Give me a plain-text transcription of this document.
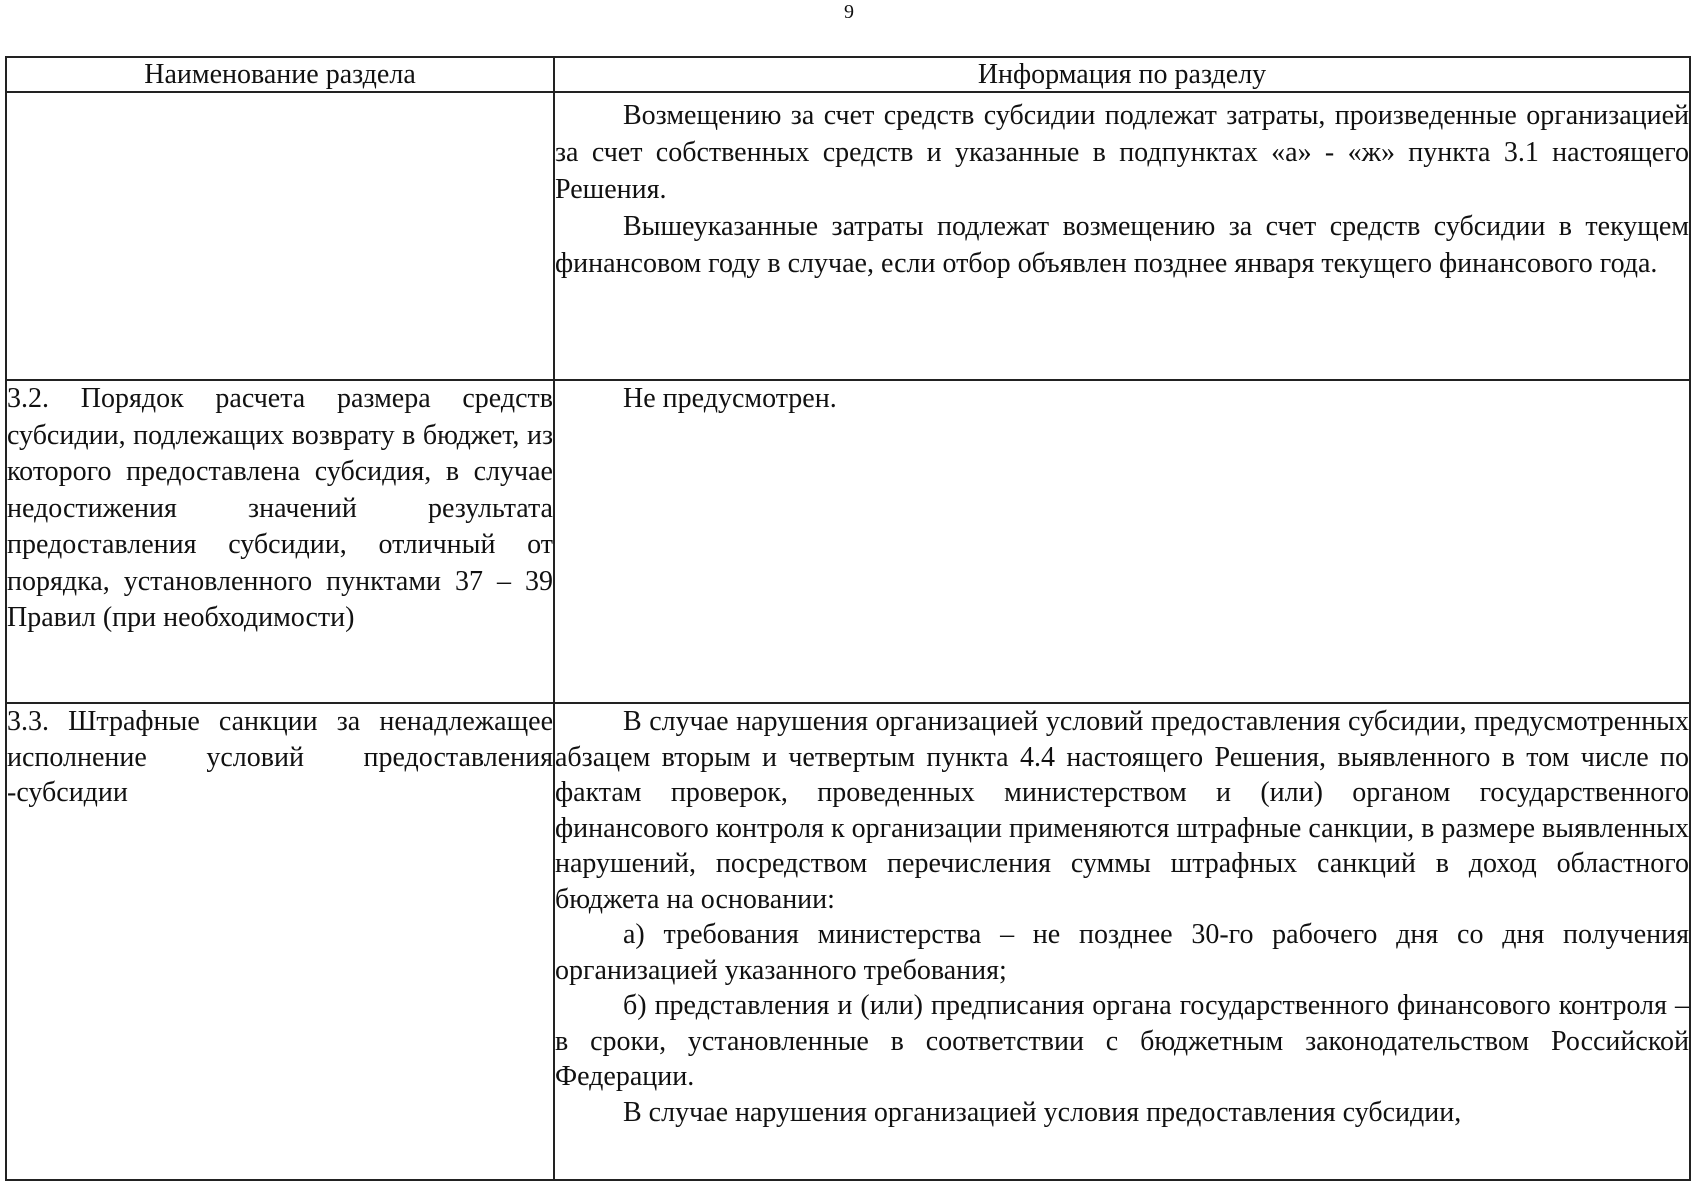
9
Наименование раздела	Информация по разделу

	Возмещению за счет средств субсидии подлежат затраты, произведенные организацией за счет собственных средств и указанные в подпунктах «а» - «ж» пункта 3.1 настоящего Решения.

Вышеуказанные затраты подлежат возмещению за счет средств субсидии в текущем финансовом году в случае, если отбор объявлен позднее января текущего финансового года.

3.2. Порядок расчета размера средств субсидии, подлежащих возврату в бюджет, из которого предоставлена субсидия, в случае недостижения значений результата предоставления субсидии, отличный от порядка, установленного пунктами 37 – 39 Правил (при необходимости)	Не предусмотрен.

3.3. Штрафные санкции за ненадлежащее исполнение условий предоставления -субсидии	В случае нарушения организацией условий предоставления субсидии, предусмотренных абзацем вторым и четвертым пункта 4.4 настоящего Решения, выявленного в том числе по фактам проверок, проведенных министерством и (или) органом государственного финансового контроля к организации применяются штрафные санкции, в размере выявленных нарушений, посредством перечисления суммы штрафных санкций в доход областного бюджета на основании:

а) требования министерства – не позднее 30-го рабочего дня со дня получения организацией указанного требования;

б) представления и (или) предписания органа государственного финансового контроля – в сроки, установленные в соответствии с бюджетным законодательством Российской Федерации.

В случае нарушения организацией условия предоставления субсидии,
